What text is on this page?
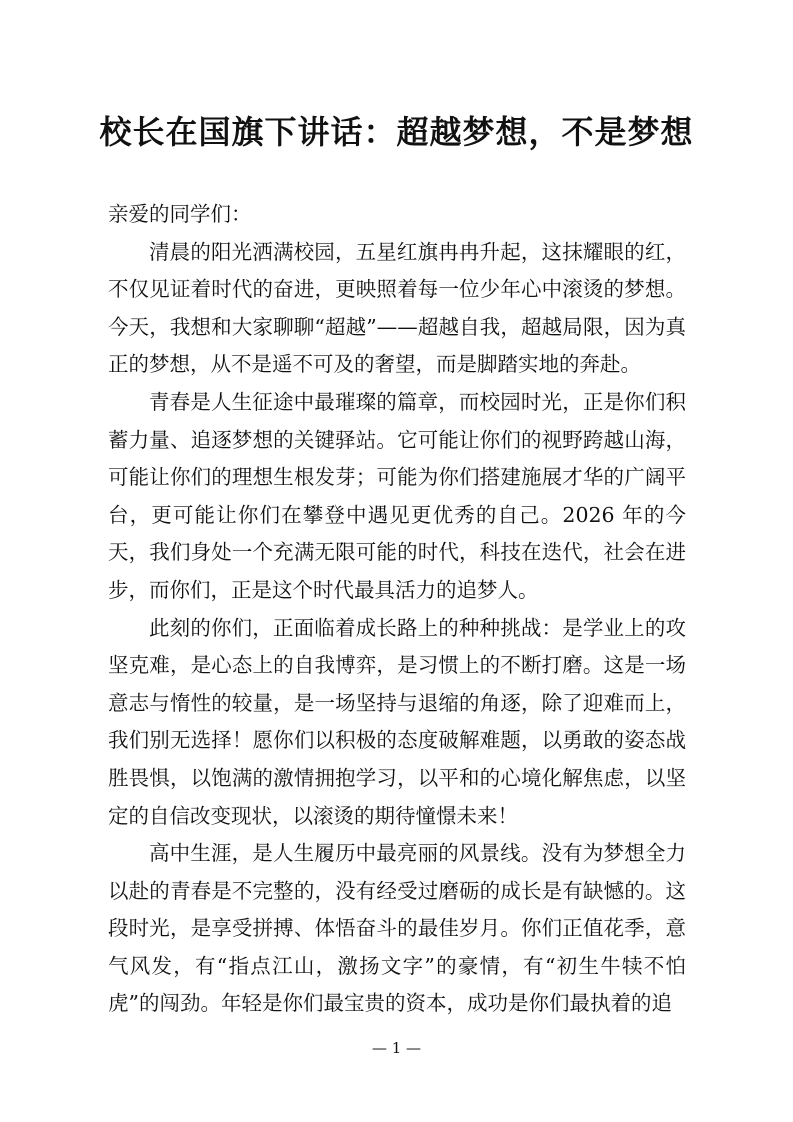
校长在国旗下讲话：超越梦想，不是梦想

亲爱的同学们：

清晨的阳光洒满校园，五星红旗冉冉升起，这抹耀眼的红，不仅见证着时代的奋进，更映照着每一位少年心中滚烫的梦想。今天，我想和大家聊聊“超越”——超越自我，超越局限，因为真正的梦想，从不是遥不可及的奢望，而是脚踏实地的奔赴。

青春是人生征途中最璀璨的篇章，而校园时光，正是你们积蓄力量、追逐梦想的关键驿站。它可能让你们的视野跨越山海，可能让你们的理想生根发芽；可能为你们搭建施展才华的广阔平台，更可能让你们在攀登中遇见更优秀的自己。2026 年的今天，我们身处一个充满无限可能的时代，科技在迭代，社会在进步，而你们，正是这个时代最具活力的追梦人。

此刻的你们，正面临着成长路上的种种挑战：是学业上的攻坚克难，是心态上的自我博弈，是习惯上的不断打磨。这是一场意志与惰性的较量，是一场坚持与退缩的角逐，除了迎难而上，我们别无选择！愿你们以积极的态度破解难题，以勇敢的姿态战胜畏惧，以饱满的激情拥抱学习，以平和的心境化解焦虑，以坚定的自信改变现状，以滚烫的期待憧憬未来！

高中生涯，是人生履历中最亮丽的风景线。没有为梦想全力以赴的青春是不完整的，没有经受过磨砺的成长是有缺憾的。这段时光，是享受拼搏、体悟奋斗的最佳岁月。你们正值花季，意气风发，有“指点江山，激扬文字”的豪情，有“初生牛犊不怕虎”的闯劲。年轻是你们最宝贵的资本，成功是你们最执着的追

— 1 —
